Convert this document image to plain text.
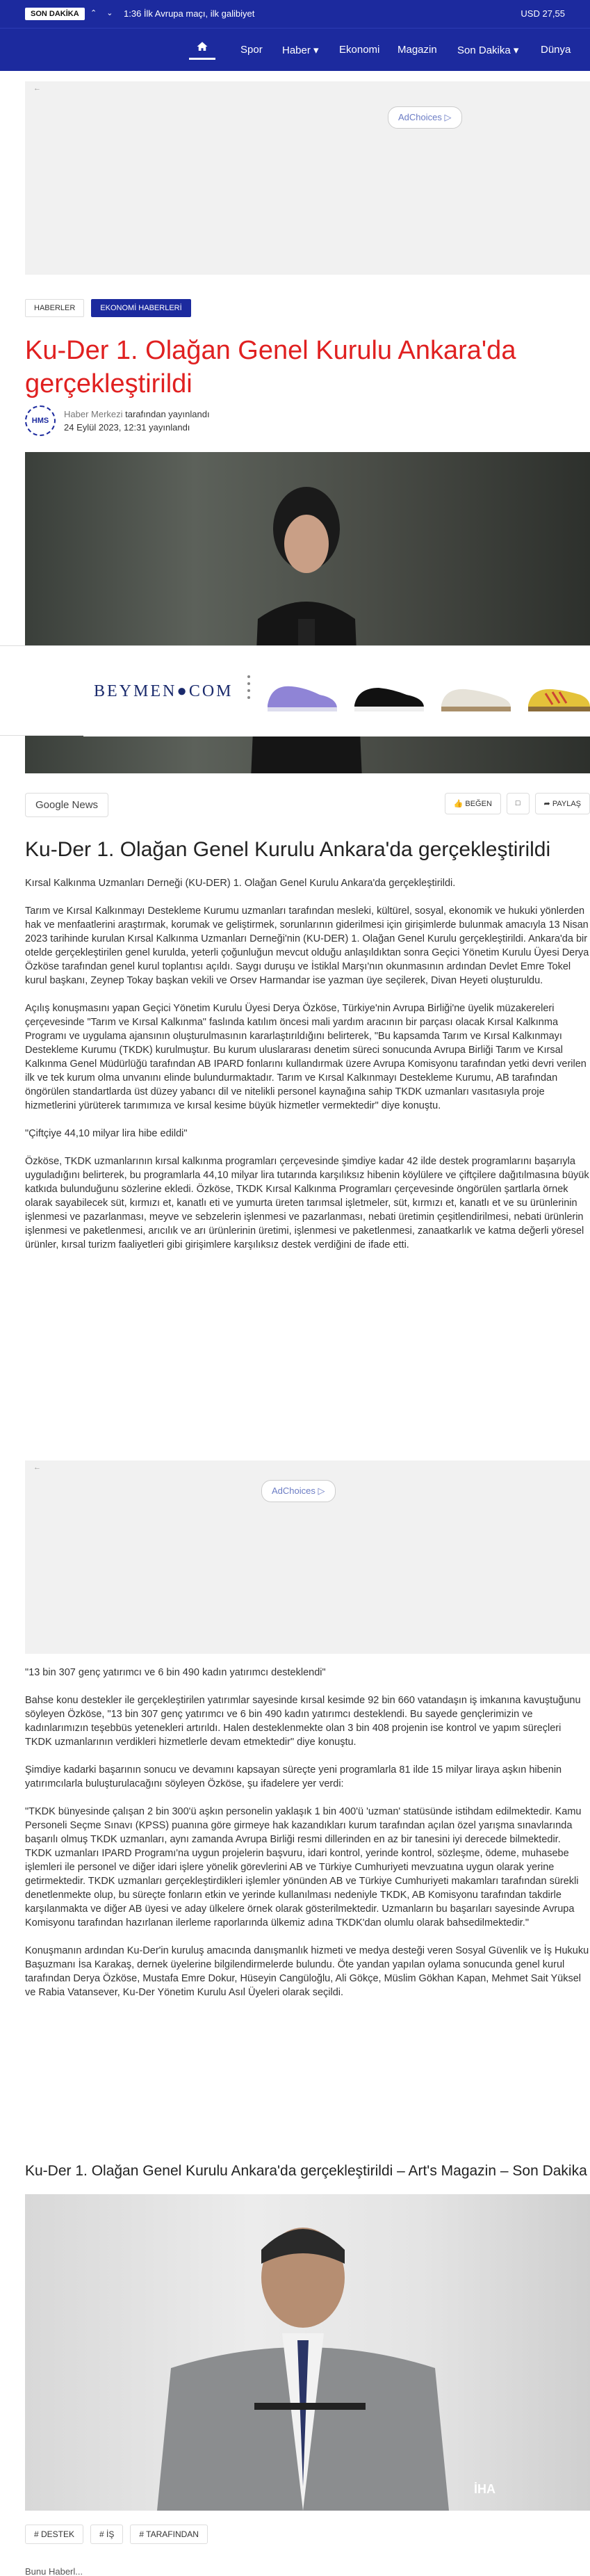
SON DAKİKA	⌃ ⌄ 1:36 İlk Avrupa maçı, ilk galibiyet	USD 27,55
Spor Haber ▾ Ekonomi Magazin Son Dakika ▾ Dünya
←
AdChoices ▷
HABERLER	EKONOMİ HABERLERİ
Ku-Der 1. Olağan Genel Kurulu Ankara'da gerçekleştirildi
HMS
Haber Merkezi tarafından yayınlandı
24 Eylül 2023, 12:31 yayınlandı
BEYMEN●COM
Google News	👍 BEĞEN	□	➦ PAYLAŞ
Ku-Der 1. Olağan Genel Kurulu Ankara'da gerçekleştirildi

Kırsal Kalkınma Uzmanları Derneği (KU-DER) 1. Olağan Genel Kurulu Ankara'da gerçekleştirildi.

Tarım ve Kırsal Kalkınmayı Destekleme Kurumu uzmanları tarafından mesleki, kültürel, sosyal, ekonomik ve hukuki yönlerden hak ve menfaatlerini araştırmak, korumak ve geliştirmek, sorunlarının giderilmesi için girişimlerde bulunmak amacıyla 13 Nisan 2023 tarihinde kurulan Kırsal Kalkınma Uzmanları Derneği'nin (KU-DER) 1. Olağan Genel Kurulu gerçekleştirildi. Ankara'da bir otelde gerçekleştirilen genel kurulda, yeterli çoğunluğun mevcut olduğu anlaşıldıktan sonra Geçici Yönetim Kurulu Üyesi Derya Özköse tarafından genel kurul toplantısı açıldı. Saygı duruşu ve İstiklal Marşı'nın okunmasının ardından Devlet Emre Tokel kurul başkanı, Zeynep Tokay başkan vekili ve Orsev Harmandar ise yazman üye seçilerek, Divan Heyeti oluşturuldu.

Açılış konuşmasını yapan Geçici Yönetim Kurulu Üyesi Derya Özköse, Türkiye'nin Avrupa Birliği'ne üyelik müzakereleri çerçevesinde "Tarım ve Kırsal Kalkınma" faslında katılım öncesi mali yardım aracının bir parçası olacak Kırsal Kalkınma Programı ve uygulama ajansının oluşturulmasının kararlaştırıldığını belirterek, "Bu kapsamda Tarım ve Kırsal Kalkınmayı Destekleme Kurumu (TKDK) kurulmuştur. Bu kurum uluslararası denetim süreci sonucunda Avrupa Birliği Tarım ve Kırsal Kalkınma Genel Müdürlüğü tarafından AB IPARD fonlarını kullandırmak üzere Avrupa Komisyonu tarafından yetki devri verilen ilk ve tek kurum olma unvanını elinde bulundurmaktadır. Tarım ve Kırsal Kalkınmayı Destekleme Kurumu, AB tarafından öngörülen standartlarda üst düzey yabancı dil ve nitelikli personel kaynağına sahip TKDK uzmanları vasıtasıyla proje hizmetlerini yürüterek tarımımıza ve kırsal kesime büyük hizmetler vermektedir" diye konuştu.

"Çiftçiye 44,10 milyar lira hibe edildi"

Özköse, TKDK uzmanlarının kırsal kalkınma programları çerçevesinde şimdiye kadar 42 ilde destek programlarını başarıyla uyguladığını belirterek, bu programlarla 44,10 milyar lira tutarında karşılıksız hibenin köylülere ve çiftçilere dağıtılmasına büyük katkıda bulunduğunu sözlerine ekledi. Özköse, TKDK Kırsal Kalkınma Programları çerçevesinde öngörülen şartlarla örnek olarak sayabilecek süt, kırmızı et, kanatlı eti ve yumurta üreten tarımsal işletmeler, süt, kırmızı et, kanatlı et ve su ürünlerinin işlenmesi ve pazarlanması, meyve ve sebzelerin işlenmesi ve pazarlanması, nebati üretimin çeşitlendirilmesi, nebati ürünlerin işlenmesi ve paketlenmesi, arıcılık ve arı ürünlerinin üretimi, işlenmesi ve paketlenmesi, zanaatkarlık ve katma değerli yöresel ürünler, kırsal turizm faaliyetleri gibi girişimlere karşılıksız destek verdiğini de ifade etti.

←
AdChoices ▷

"13 bin 307 genç yatırımcı ve 6 bin 490 kadın yatırımcı desteklendi"

Bahse konu destekler ile gerçekleştirilen yatırımlar sayesinde kırsal kesimde 92 bin 660 vatandaşın iş imkanına kavuştuğunu söyleyen Özköse, "13 bin 307 genç yatırımcı ve 6 bin 490 kadın yatırımcı desteklendi. Bu sayede gençlerimizin ve kadınlarımızın teşebbüs yetenekleri artırıldı. Halen desteklenmekte olan 3 bin 408 projenin ise kontrol ve yapım süreçleri TKDK uzmanlarının verdikleri hizmetlerle devam etmektedir" diye konuştu.

Şimdiye kadarki başarının sonucu ve devamını kapsayan süreçte yeni programlarla 81 ilde 15 milyar liraya aşkın hibenin yatırımcılarla buluşturulacağını söyleyen Özköse, şu ifadelere yer verdi:

"TKDK bünyesinde çalışan 2 bin 300'ü aşkın personelin yaklaşık 1 bin 400'ü 'uzman' statüsünde istihdam edilmektedir. Kamu Personeli Seçme Sınavı (KPSS) puanına göre girmeye hak kazandıkları kurum tarafından açılan özel yarışma sınavlarında başarılı olmuş TKDK uzmanları, aynı zamanda Avrupa Birliği resmi dillerinden en az bir tanesini iyi derecede bilmektedir. TKDK uzmanları IPARD Programı'na uygun projelerin başvuru, idari kontrol, yerinde kontrol, sözleşme, ödeme, muhasebe işlemleri ile personel ve diğer idari işlere yönelik görevlerini AB ve Türkiye Cumhuriyeti mevzuatına uygun olarak yerine getirmektedir. TKDK uzmanları gerçekleştirdikleri işlemler yönünden AB ve Türkiye Cumhuriyeti makamları tarafından sürekli denetlenmekte olup, bu süreçte fonların etkin ve yerinde kullanılması nedeniyle TKDK, AB Komisyonu tarafından takdirle karşılanmakta ve diğer AB üyesi ve aday ülkelere örnek olarak gösterilmektedir. Uzmanların bu başarıları sayesinde Avrupa Komisyonu tarafından hazırlanan ilerleme raporlarında ülkemiz adına TKDK'dan olumlu olarak bahsedilmektedir."

Konuşmanın ardından Ku-Der'in kuruluş amacında danışmanlık hizmeti ve medya desteği veren Sosyal Güvenlik ve İş Hukuku Başuzmanı İsa Karakaş, dernek üyelerine bilgilendirmelerde bulundu. Öte yandan yapılan oylama sonucunda genel kurul tarafından Derya Özköse, Mustafa Emre Dokur, Hüseyin Cangüloğlu, Ali Gökçe, Müslim Gökhan Kapan, Mehmet Sait Yüksel ve Rabia Vatansever, Ku-Der Yönetim Kurulu Asıl Üyeleri olarak seçildi.

Ku-Der 1. Olağan Genel Kurulu Ankara'da gerçekleştirildi – Art's Magazin – Son Dakika
İHA
# DESTEK	# İŞ	# TARAFINDAN
Bunu Haberl...
